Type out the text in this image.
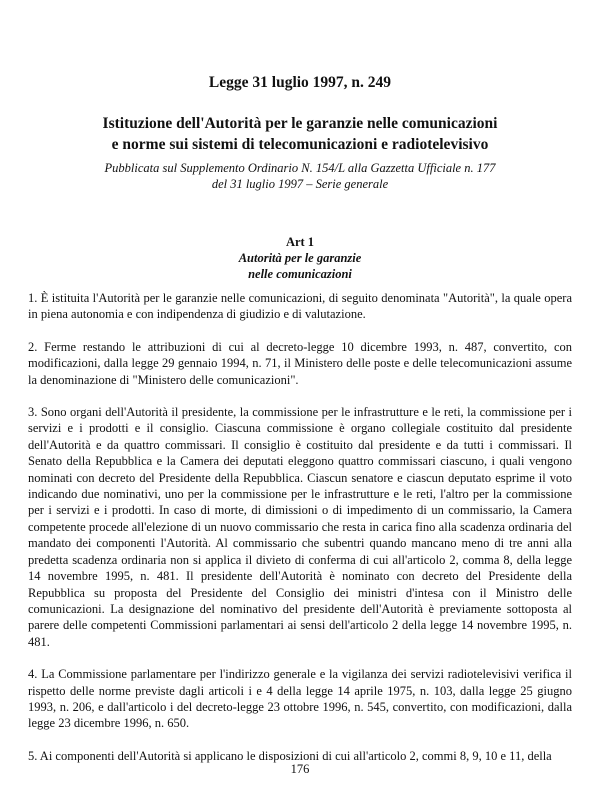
Legge 31 luglio 1997, n. 249
Istituzione dell'Autorità per le garanzie nelle comunicazioni
e norme sui sistemi di telecomunicazioni e radiotelevisivo

Pubblicata sul Supplemento Ordinario N. 154/L alla Gazzetta Ufficiale n. 177
del 31 luglio 1997 – Serie generale

Art 1
Autorità per le garanzie
nelle comunicazioni

1. È istituita l'Autorità per le garanzie nelle comunicazioni, di seguito denominata "Autorità", la quale opera in piena autonomia e con indipendenza di giudizio e di valutazione.

2. Ferme restando le attribuzioni di cui al decreto-legge 10 dicembre 1993, n. 487, convertito, con modificazioni, dalla legge 29 gennaio 1994, n. 71, il Ministero delle poste e delle telecomunicazioni assume la denominazione di "Ministero delle comunicazioni".

3. Sono organi dell'Autorità il presidente, la commissione per le infrastrutture e le reti, la commissione per i servizi e i prodotti e il consiglio. Ciascuna commissione è organo collegiale costituito dal presidente dell'Autorità e da quattro commissari. Il consiglio è costituito dal presidente e da tutti i commissari. Il Senato della Repubblica e la Camera dei deputati eleggono quattro commissari ciascuno, i quali vengono nominati con decreto del Presidente della Repubblica. Ciascun senatore e ciascun deputato esprime il voto indicando due nominativi, uno per la commissione per le infrastrutture e le reti, l'altro per la commissione per i servizi e i prodotti. In caso di morte, di dimissioni o di impedimento di un commissario, la Camera competente procede all'elezione di un nuovo commissario che resta in carica fino alla scadenza ordinaria del mandato dei componenti l'Autorità. Al commissario che subentri quando mancano meno di tre anni alla predetta scadenza ordinaria non si applica il divieto di conferma di cui all'articolo 2, comma 8, della legge 14 novembre 1995, n. 481. Il presidente dell'Autorità è nominato con decreto del Presidente della Repubblica su proposta del Presidente del Consiglio dei ministri d'intesa con il Ministro delle comunicazioni. La designazione del nominativo del presidente dell'Autorità è previamente sottoposta al parere delle competenti Commissioni parlamentari ai sensi dell'articolo 2 della legge 14 novembre 1995, n. 481.

4. La Commissione parlamentare per l'indirizzo generale e la vigilanza dei servizi radiotelevisivi verifica il rispetto delle norme previste dagli articoli i e 4 della legge 14 aprile 1975, n. 103, dalla legge 25 giugno 1993, n. 206, e dall'articolo i del decreto-legge 23 ottobre 1996, n. 545, convertito, con modificazioni, dalla legge 23 dicembre 1996, n. 650.

5. Ai componenti dell'Autorità si applicano le disposizioni di cui all'articolo 2, commi 8, 9, 10 e 11, della

176
